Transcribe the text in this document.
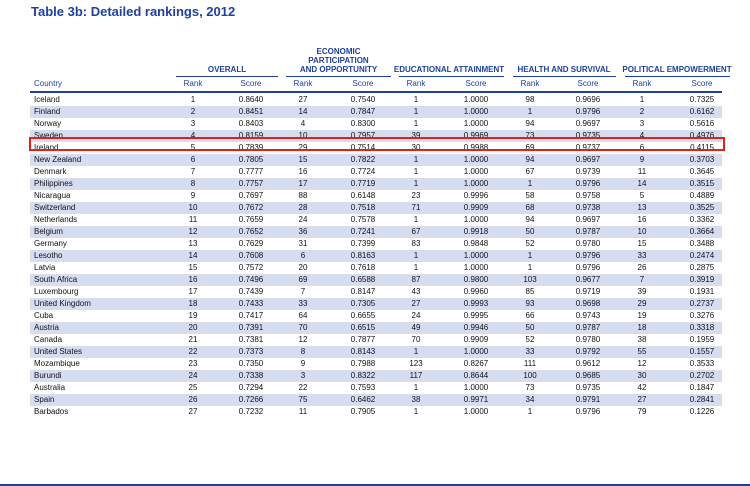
Table 3b: Detailed rankings, 2012
OVERALL
ECONOMIC PARTICIPATION
AND OPPORTUNITY	EDUCATIONAL ATTAINMENT	HEALTH AND SURVIVAL	POLITICAL EMPOWERMENT
Country	Rank	Score	Rank	Score	Rank	Score	Rank	Score	Rank	Score
Iceland	1	0.8640	27	0.7540	1	1.0000	98	0.9696	1	0.7325
Finland	2	0.8451	14	0.7847	1	1.0000	1	0.9796	2	0.6162
Norway	3	0.8403	4	0.8300	1	1.0000	94	0.9697	3	0.5616
Sweden	4	0.8159	10	0.7957	39	0.9969	73	0.9735	4	0.4976
Ireland	5	0.7839	29	0.7514	30	0.9988	69	0.9737	6	0.4115
New Zealand	6	0.7805	15	0.7822	1	1.0000	94	0.9697	9	0.3703
Denmark	7	0.7777	16	0.7724	1	1.0000	67	0.9739	11	0.3645
Philippines	8	0.7757	17	0.7719	1	1.0000	1	0.9796	14	0.3515
Nicaragua	9	0.7697	88	0.6148	23	0.9996	58	0.9758	5	0.4889
Switzerland	10	0.7672	28	0.7518	71	0.9909	68	0.9738	13	0.3525
Netherlands	11	0.7659	24	0.7578	1	1.0000	94	0.9697	16	0.3362
Belgium	12	0.7652	36	0.7241	67	0.9918	50	0.9787	10	0.3664
Germany	13	0.7629	31	0.7399	83	0.9848	52	0.9780	15	0.3488
Lesotho	14	0.7608	6	0.8163	1	1.0000	1	0.9796	33	0.2474
Latvia	15	0.7572	20	0.7618	1	1.0000	1	0.9796	26	0.2875
South Africa	16	0.7496	69	0.6588	87	0.9800	103	0.9677	7	0.3919
Luxembourg	17	0.7439	7	0.8147	43	0.9960	85	0.9719	39	0.1931
United Kingdom	18	0.7433	33	0.7305	27	0.9993	93	0.9698	29	0.2737
Cuba	19	0.7417	64	0.6655	24	0.9995	66	0.9743	19	0.3276
Austria	20	0.7391	70	0.6515	49	0.9946	50	0.9787	18	0.3318
Canada	21	0.7381	12	0.7877	70	0.9909	52	0.9780	38	0.1959
United States	22	0.7373	8	0.8143	1	1.0000	33	0.9792	55	0.1557
Mozambique	23	0.7350	9	0.7988	123	0.8267	111	0.9612	12	0.3533
Burundi	24	0.7338	3	0.8322	117	0.8644	100	0.9685	30	0.2702
Australia	25	0.7294	22	0.7593	1	1.0000	73	0.9735	42	0.1847
Spain	26	0.7266	75	0.6462	38	0.9971	34	0.9791	27	0.2841
Barbados	27	0.7232	11	0.7905	1	1.0000	1	0.9796	79	0.1226
